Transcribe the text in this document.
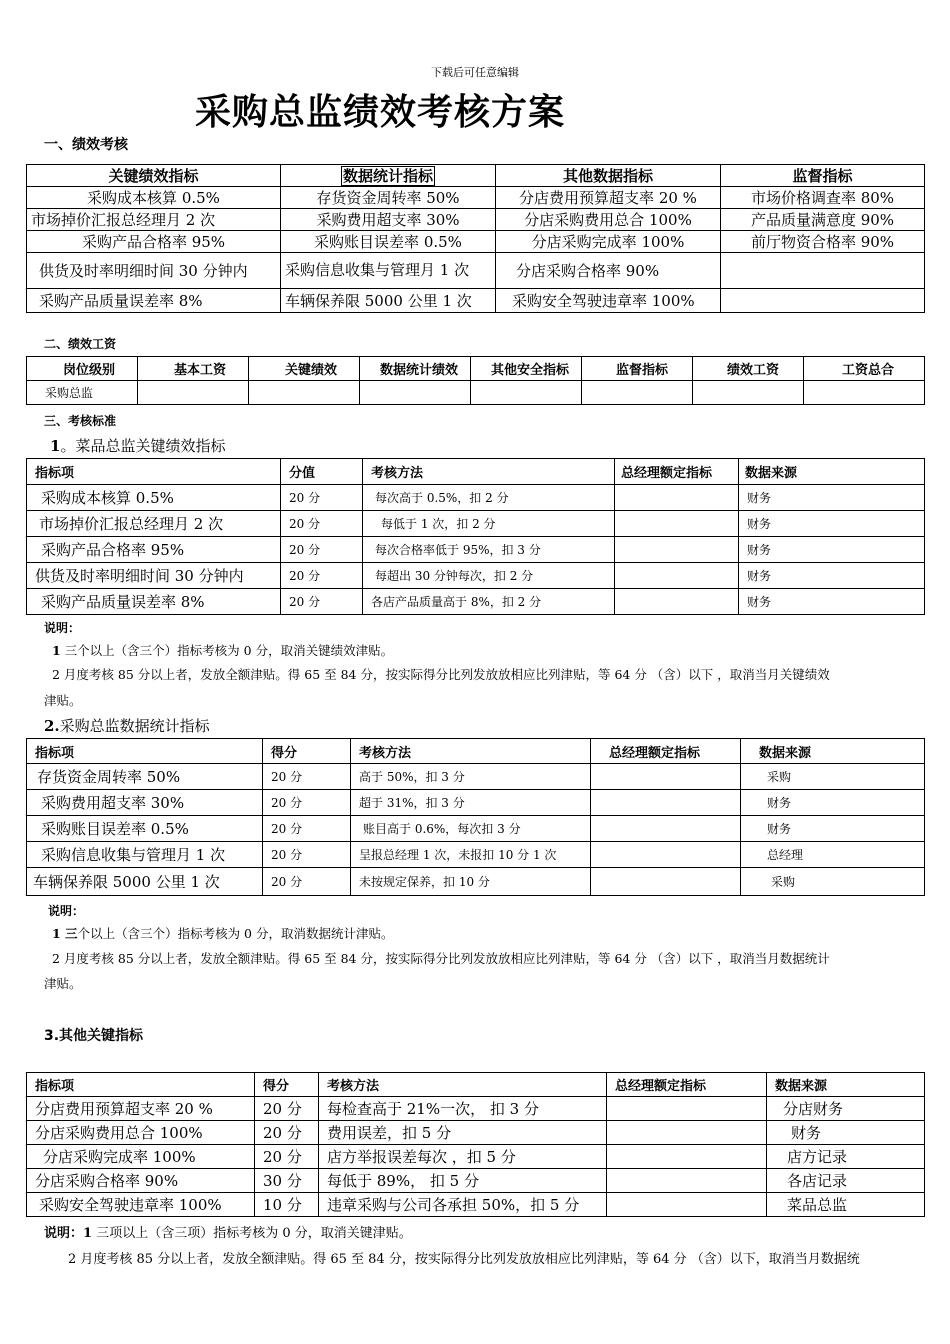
下载后可任意编辑
采购总监绩效考核方案
一、绩效考核
关键绩效指标	数据统计指标	其他数据指标	监督指标
采购成本核算 0.5%	存货资金周转率 50%	分店费用预算超支率 20 %	市场价格调查率 80%
市场掉价汇报总经理月 2 次	采购费用超支率 30%	分店采购费用总合 100%	产品质量满意度 90%
采购产品合格率 95%	采购账目误差率 0.5%	分店采购完成率 100%	前厅物资合格率 90%
供货及时率明细时间 30 分钟内	采购信息收集与管理月 1 次	分店采购合格率 90%	
采购产品质量误差率 8%	车辆保养限 5000 公里 1 次	采购安全驾驶违章率 100%	
二、绩效工资
岗位级别	基本工资	关键绩效	数据统计绩效	其他安全指标	监督指标	绩效工资	工资总合
采购总监							
三、考核标准
1。菜品总监关键绩效指标
指标项	分值	考核方法	总经理额定指标	数据来源
采购成本核算 0.5%	20 分	每次高于 0.5%，扣 2 分		财务
市场掉价汇报总经理月 2 次	20 分	每低于 1 次，扣 2 分		财务
采购产品合格率 95%	20 分	每次合格率低于 95%，扣 3 分		财务
供货及时率明细时间 30 分钟内	20 分	每超出 30 分钟每次，扣 2 分		财务
采购产品质量误差率 8%	20 分	各店产品质量高于 8%，扣 2 分		财务
说明：
1 三个以上（含三个）指标考核为 0 分，取消关键绩效津贴。
2 月度考核 85 分以上者，发放全额津贴。得 65 至 84 分，按实际得分比列发放放相应比列津贴，等 64 分 （含）以下 ，取消当月关键绩效
津贴。
2.采购总监数据统计指标
指标项	得分	考核方法	总经理额定指标	数据来源
存货资金周转率 50%	20 分	高于 50%，扣 3 分		采购
采购费用超支率 30%	20 分	超于 31%，扣 3 分		财务
采购账目误差率 0.5%	20 分	账目高于 0.6%，每次扣 3 分		财务
采购信息收集与管理月 1 次	20 分	呈报总经理 1 次，未报扣 10 分 1 次		总经理
车辆保养限 5000 公里 1 次	20 分	未按规定保养，扣 10 分		采购
说明：
1 三个以上（含三个）指标考核为 0 分，取消数据统计津贴。
2 月度考核 85 分以上者，发放全额津贴。得 65 至 84 分，按实际得分比列发放放相应比列津贴，等 64 分 （含）以下 ，取消当月数据统计
津贴。
3.其他关键指标
指标项	得分	考核方法	总经理额定指标	数据来源
分店费用预算超支率 20 %	20 分	每检查高于 21%一次， 扣 3 分		分店财务
分店采购费用总合 100%	20 分	费用误差，扣 5 分		财务
分店采购完成率 100%	20 分	店方举报误差每次 ，扣 5 分		店方记录
分店采购合格率 90%	30 分	每低于 89%， 扣 5 分		各店记录
采购安全驾驶违章率 100%	10 分	违章采购与公司各承担 50%，扣 5 分		菜品总监
说明：1 三项以上（含三项）指标考核为 0 分，取消关键津贴。
2 月度考核 85 分以上者，发放全额津贴。得 65 至 84 分，按实际得分比列发放放相应比列津贴，等 64 分 （含）以下，取消当月数据统
